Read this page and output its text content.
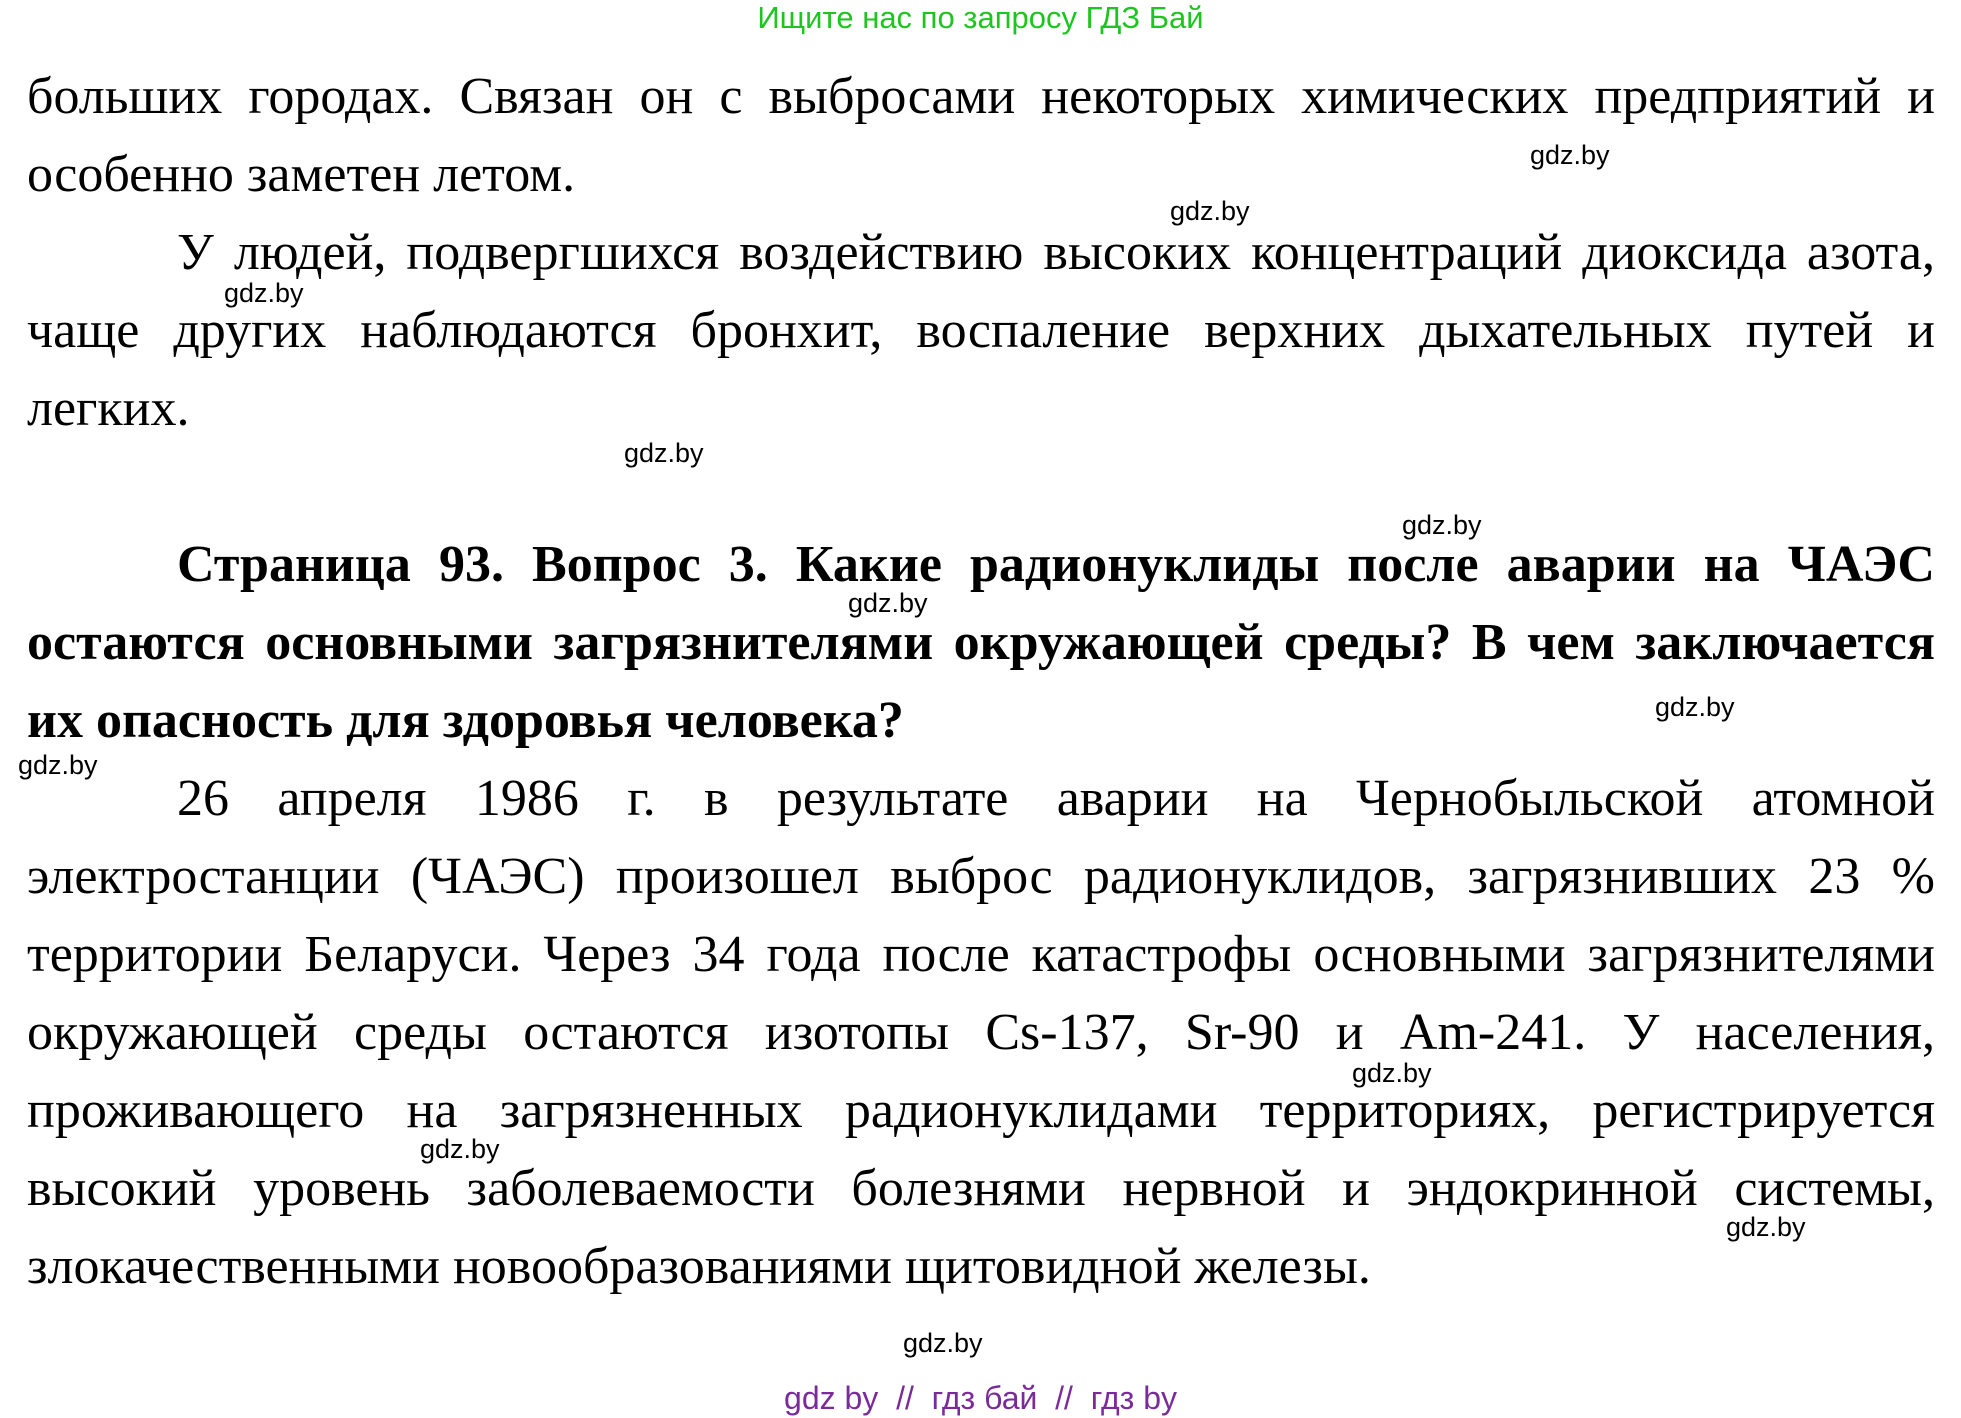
Ищите нас по запросу ГДЗ Бай

больших городах. Связан он с выбросами некоторых химических предприятий и особенно заметен летом.

У людей, подвергшихся воздействию высоких концентраций диоксида азота, чаще других наблюдаются бронхит, воспаление верхних дыхательных путей и легких.

Страница 93. Вопрос 3. Какие радионуклиды после аварии на ЧАЭС остаются основными загрязнителями окружающей среды? В чем заключается их опасность для здоровья человека?

26 апреля 1986 г. в результате аварии на Чернобыльской атомной электростанции (ЧАЭС) произошел выброс радионуклидов, загрязнивших 23 % территории Беларуси. Через 34 года после катастрофы основными загрязнителями окружающей среды остаются изотопы Cs-137, Sr-90 и Am-241. У населения, проживающего на загрязненных радионуклидами территориях, регистрируется высокий уровень заболеваемости болезнями нервной и эндокринной системы, злокачественными новообразованиями щитовидной железы.

gdz.by
gdz.by
gdz.by
gdz.by
gdz.by
gdz.by
gdz.by
gdz.by
gdz.by
gdz.by
gdz.by
gdz.by
gdz by  //  гдз бай  //  гдз by
